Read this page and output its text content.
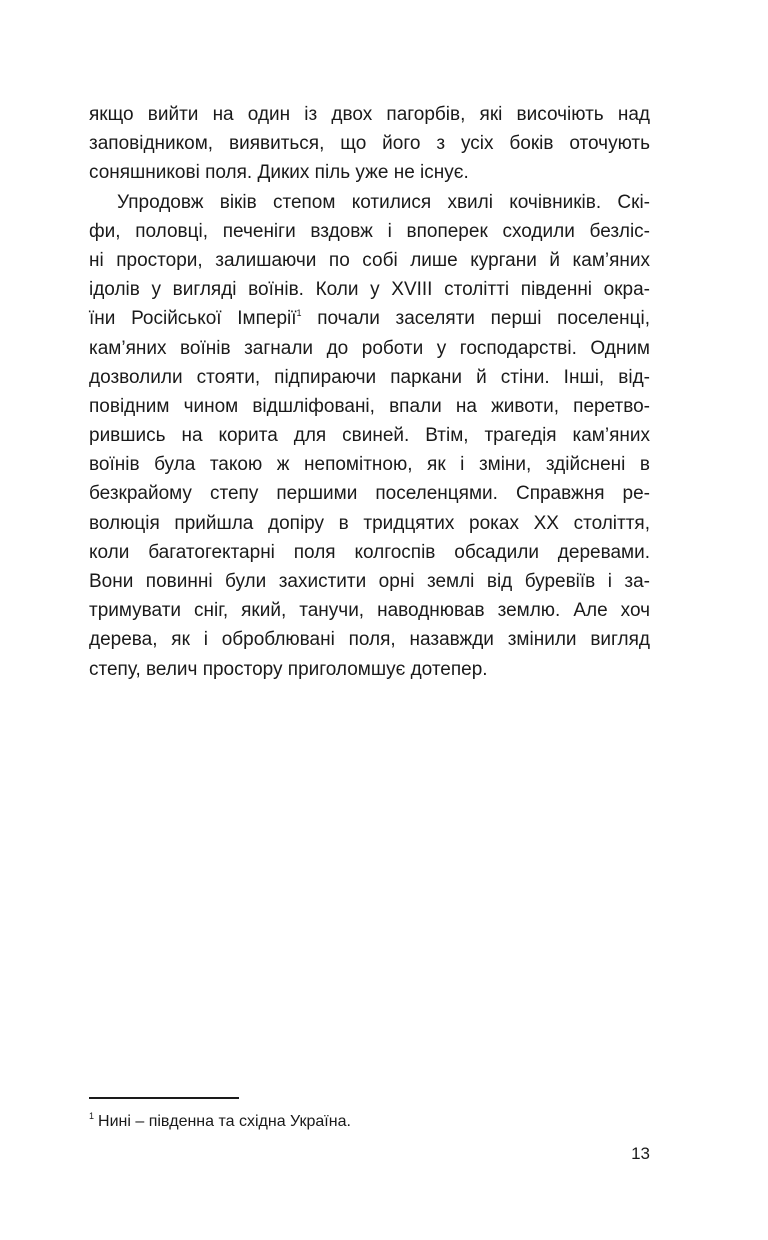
якщо вийти на один із двох пагорбів, які височіють над
заповідником, виявиться, що його з усіх боків оточують
соняшникові поля. Диких піль уже не існує.
Упродовж віків степом котилися хвилі кочівників. Скі-
фи, половці, печеніги вздовж і впоперек сходили безліс-
ні простори, залишаючи по собі лише кургани й кам’яних
ідолів у вигляді воїнів. Коли у XVIII столітті південні окра-
їни Російської Імперії$^1$ почали заселяти перші поселенці,
кам’яних воїнів загнали до роботи у господарстві. Одним
дозволили стояти, підпираючи паркани й стіни. Інші, від-
повідним чином відшліфовані, впали на животи, перетво-
рившись на корита для свиней. Втім, трагедія кам’яних
воїнів була такою ж непомітною, як і зміни, здійснені в
безкрайому степу першими поселенцями. Справжня ре-
волюція прийшла допіру в тридцятих роках XX століття,
коли багатогектарні поля колгоспів обсадили деревами.
Вони повинні були захистити орні землі від буревіїв і за-
тримувати сніг, який, танучи, наводнював землю. Але хоч
дерева, як і оброблювані поля, назавжди змінили вигляд
степу, велич простору приголомшує дотепер.
$^1$ Нині – південна та східна Україна.
13
